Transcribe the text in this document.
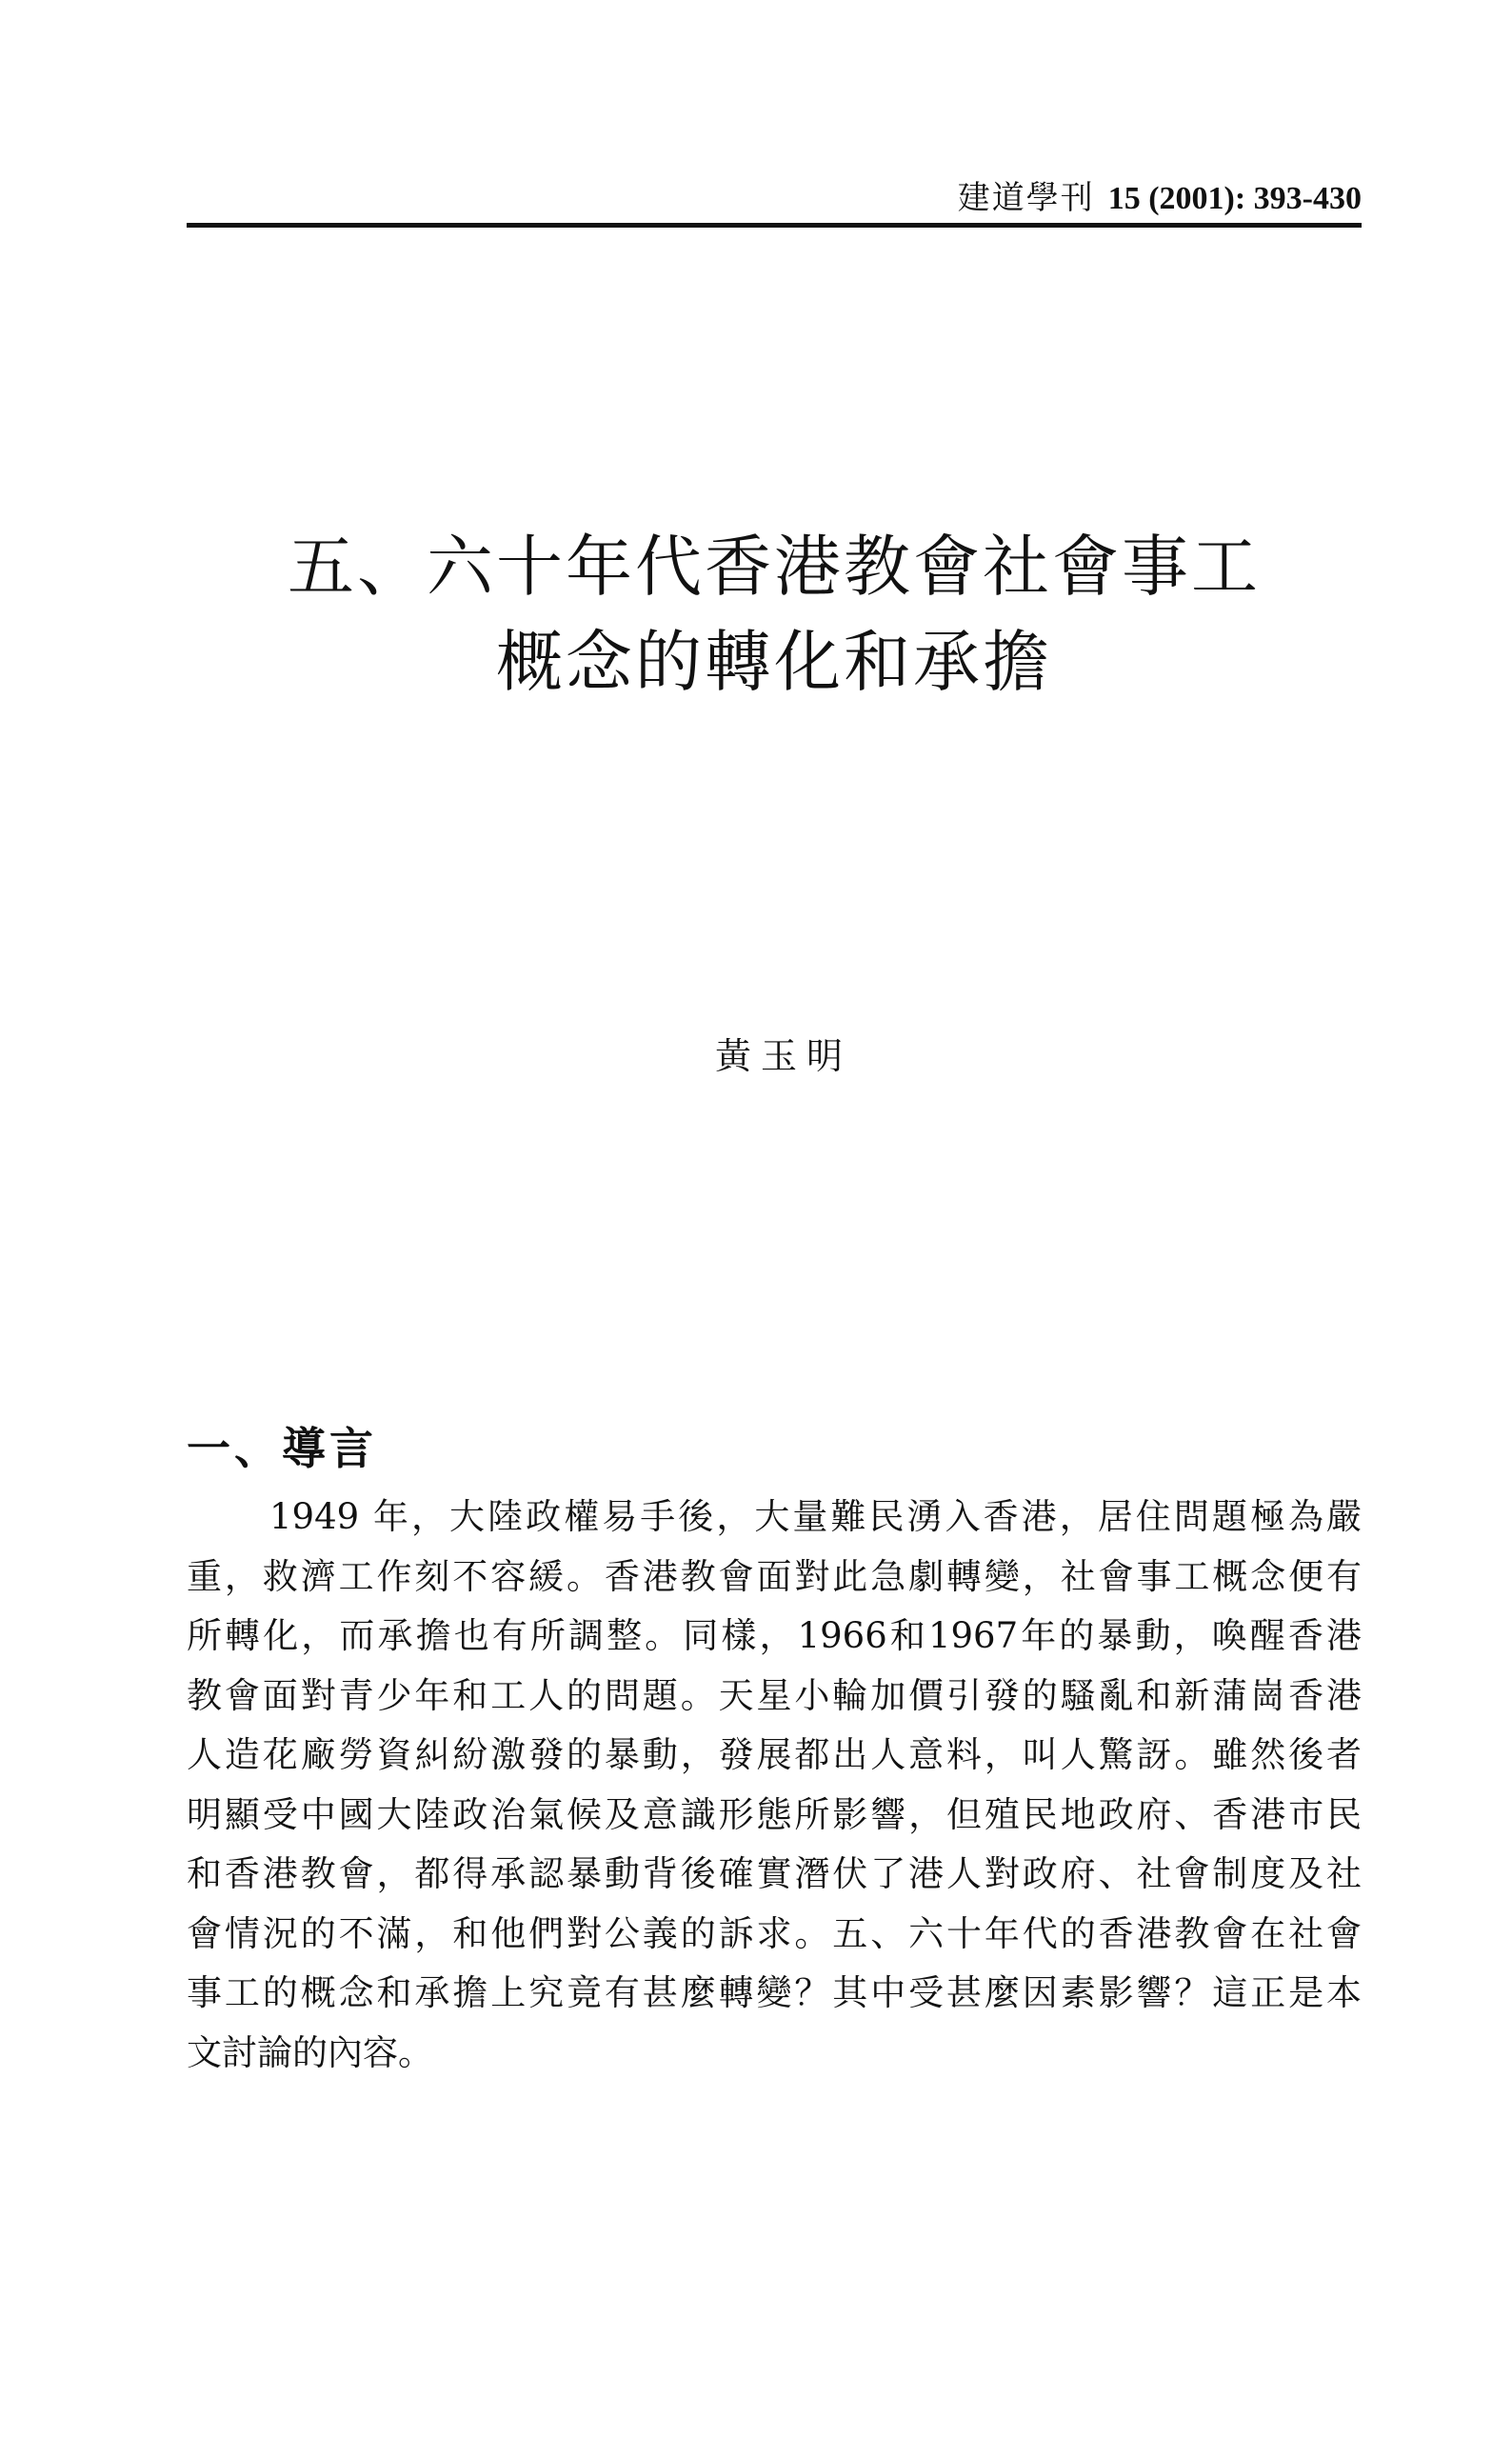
建道學刊 15 (2001): 393-430
五、六十年代香港教會社會事工
概念的轉化和承擔
黃玉明
一、導言
1949 年，大陸政權易手後，大量難民湧入香港，居住問題極為嚴
重，救濟工作刻不容緩。香港教會面對此急劇轉變，社會事工概念便有
所轉化，而承擔也有所調整。同樣，1966和1967年的暴動，喚醒香港
教會面對青少年和工人的問題。天星小輪加價引發的騷亂和新蒲崗香港
人造花廠勞資糾紛激發的暴動，發展都出人意料，叫人驚訝。雖然後者
明顯受中國大陸政治氣候及意識形態所影響，但殖民地政府、香港市民
和香港教會，都得承認暴動背後確實潛伏了港人對政府、社會制度及社
會情況的不滿，和他們對公義的訴求。五、六十年代的香港教會在社會
事工的概念和承擔上究竟有甚麼轉變？其中受甚麼因素影響？這正是本
文討論的內容。
